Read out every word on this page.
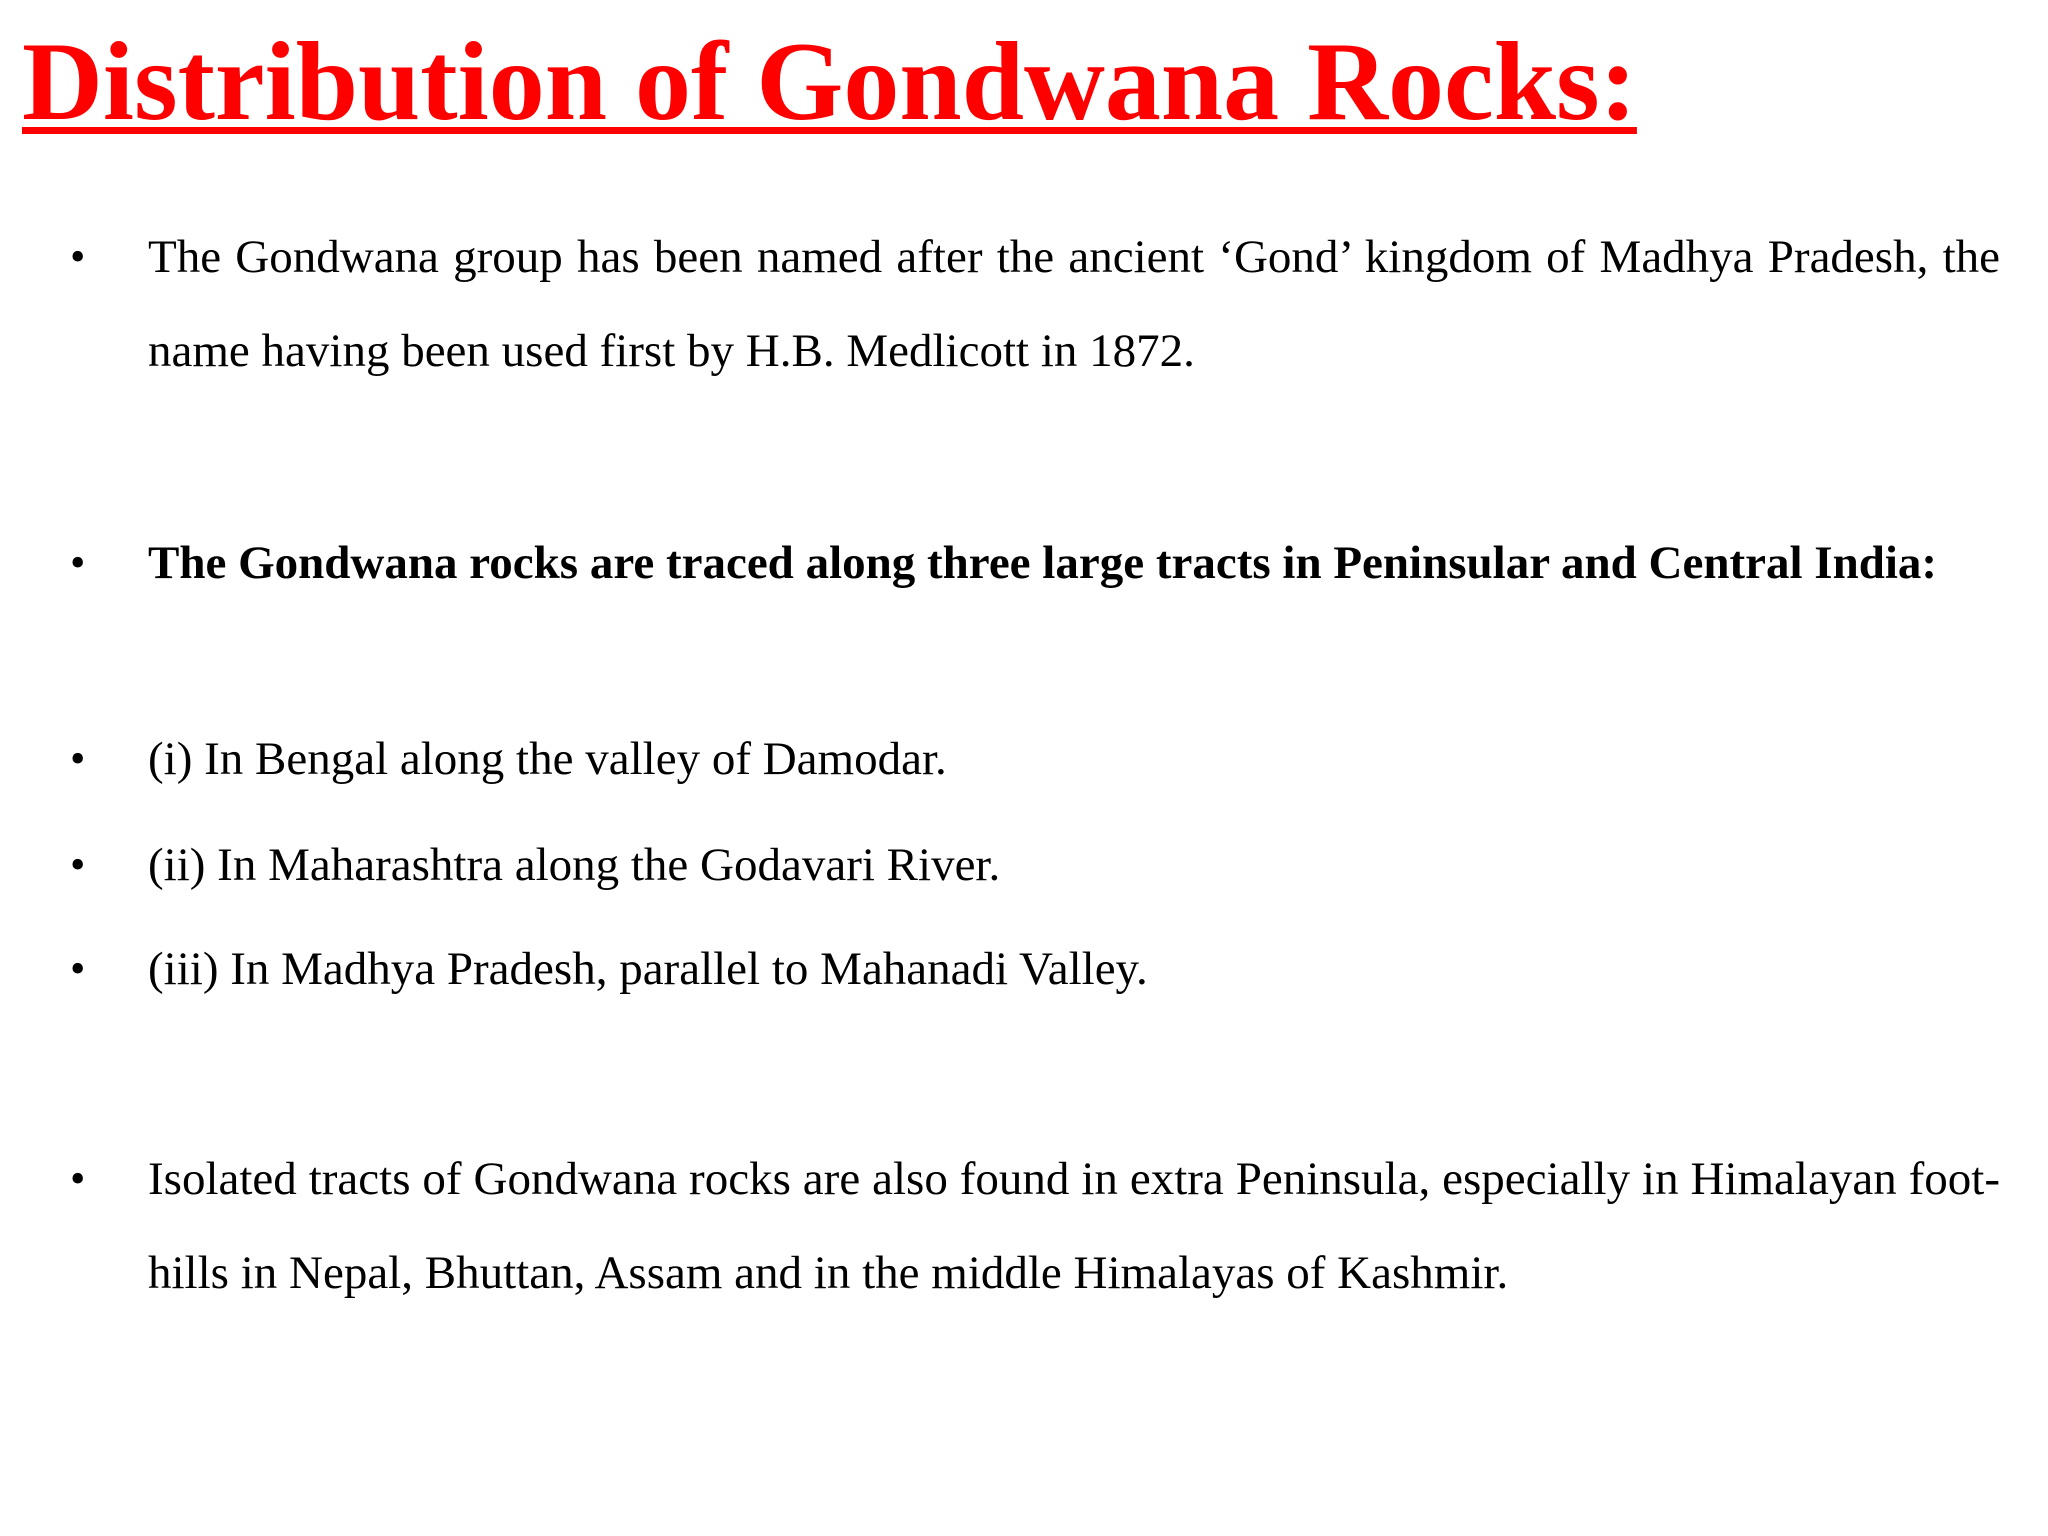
Distribution of Gondwana Rocks:
• The Gondwana group has been named after the ancient ‘Gond’ kingdom of Madhya Pradesh, the name having been used first by H.B. Medlicott in 1872.
• The Gondwana rocks are traced along three large tracts in Peninsular and Central India:
• (i) In Bengal along the valley of Damodar.
• (ii) In Maharashtra along the Godavari River.
• (iii) In Madhya Pradesh, parallel to Mahanadi Valley.
• Isolated tracts of Gondwana rocks are also found in extra Peninsula, especially in Himalayan foot-hills in Nepal, Bhuttan, Assam and in the middle Himalayas of Kashmir.
